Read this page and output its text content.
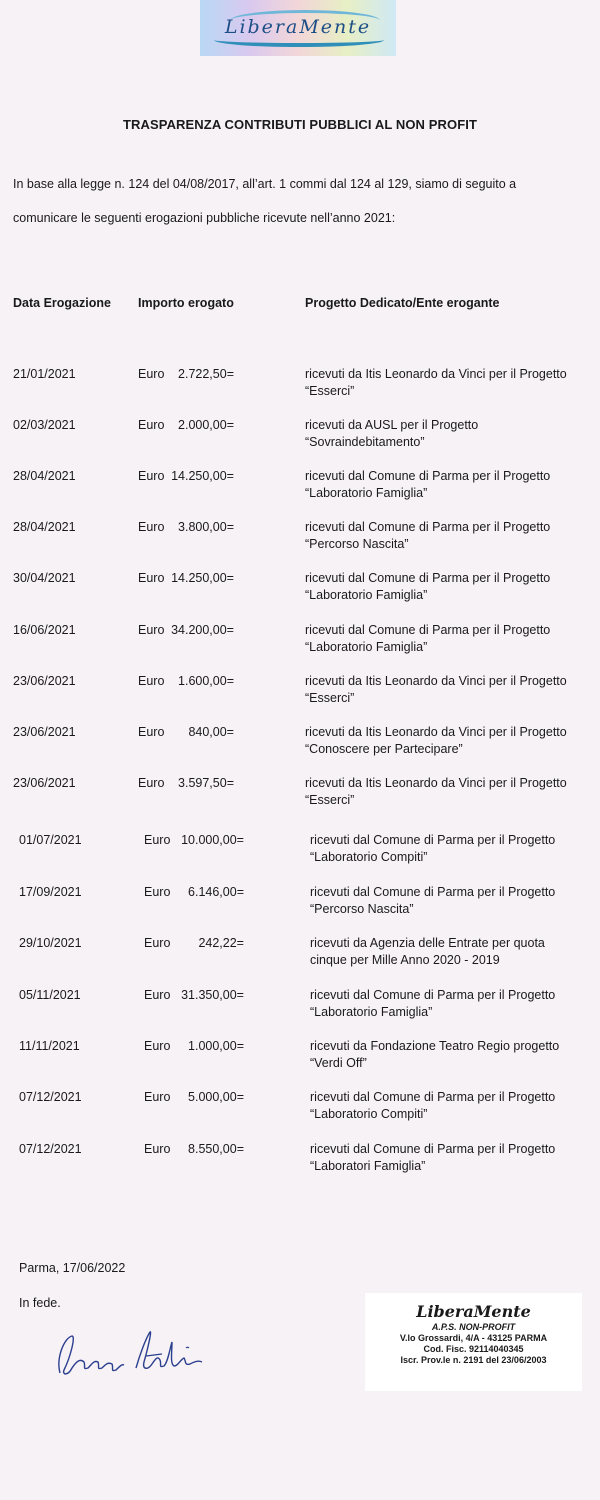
LiberaMente
TRASPARENZA CONTRIBUTI PUBBLICI AL NON PROFIT
In base alla legge n. 124 del 04/08/2017, all’art. 1 commi dal 124 al 129, siamo di seguito a
comunicare le seguenti erogazioni pubbliche ricevute nell’anno 2021:
Data Erogazione Importo erogato	Progetto Dedicato/Ente erogante
21/01/2021	Euro	2.722,50=	ricevuti da Itis Leonardo da Vinci per il Progetto
“Esserci”
02/03/2021	Euro	2.000,00=	ricevuti da AUSL per il Progetto
“Sovraindebitamento”
28/04/2021	Euro 14.250,00=	ricevuti dal Comune di Parma per il Progetto
“Laboratorio Famiglia”
28/04/2021	Euro	3.800,00=	ricevuti dal Comune di Parma per il Progetto
“Percorso Nascita”
30/04/2021	Euro 14.250,00=	ricevuti dal Comune di Parma per il Progetto
“Laboratorio Famiglia”
16/06/2021	Euro 34.200,00=	ricevuti dal Comune di Parma per il Progetto
“Laboratorio Famiglia”
23/06/2021	Euro	1.600,00=	ricevuti da Itis Leonardo da Vinci per il Progetto
“Esserci”
23/06/2021	Euro	840,00=	ricevuti da Itis Leonardo da Vinci per il Progetto
“Conoscere per Partecipare”
23/06/2021	Euro	3.597,50=	ricevuti da Itis Leonardo da Vinci per il Progetto
“Esserci”
01/07/2021	Euro 10.000,00=	ricevuti dal Comune di Parma per il Progetto
“Laboratorio Compiti”
17/09/2021	Euro	6.146,00=	ricevuti dal Comune di Parma per il Progetto
“Percorso Nascita”
29/10/2021	Euro	242,22=	ricevuti da Agenzia delle Entrate per quota
cinque per Mille Anno 2020 - 2019
05/11/2021	Euro 31.350,00=	ricevuti dal Comune di Parma per il Progetto
“Laboratorio Famiglia”
11/11/2021	Euro	1.000,00=	ricevuti da Fondazione Teatro Regio progetto
“Verdi Off”
07/12/2021	Euro	5.000,00=	ricevuti dal Comune di Parma per il Progetto
“Laboratorio Compiti”
07/12/2021	Euro	8.550,00=	ricevuti dal Comune di Parma per il Progetto
“Laboratori Famiglia”
Parma, 17/06/2022
In fede.	LiberaMente
A.P.S. NON-PROFIT
V.lo Grossardi, 4/A - 43125 PARMA
Cod. Fisc. 92114040345
Iscr. Prov.le n. 2191 del 23/06/2003
